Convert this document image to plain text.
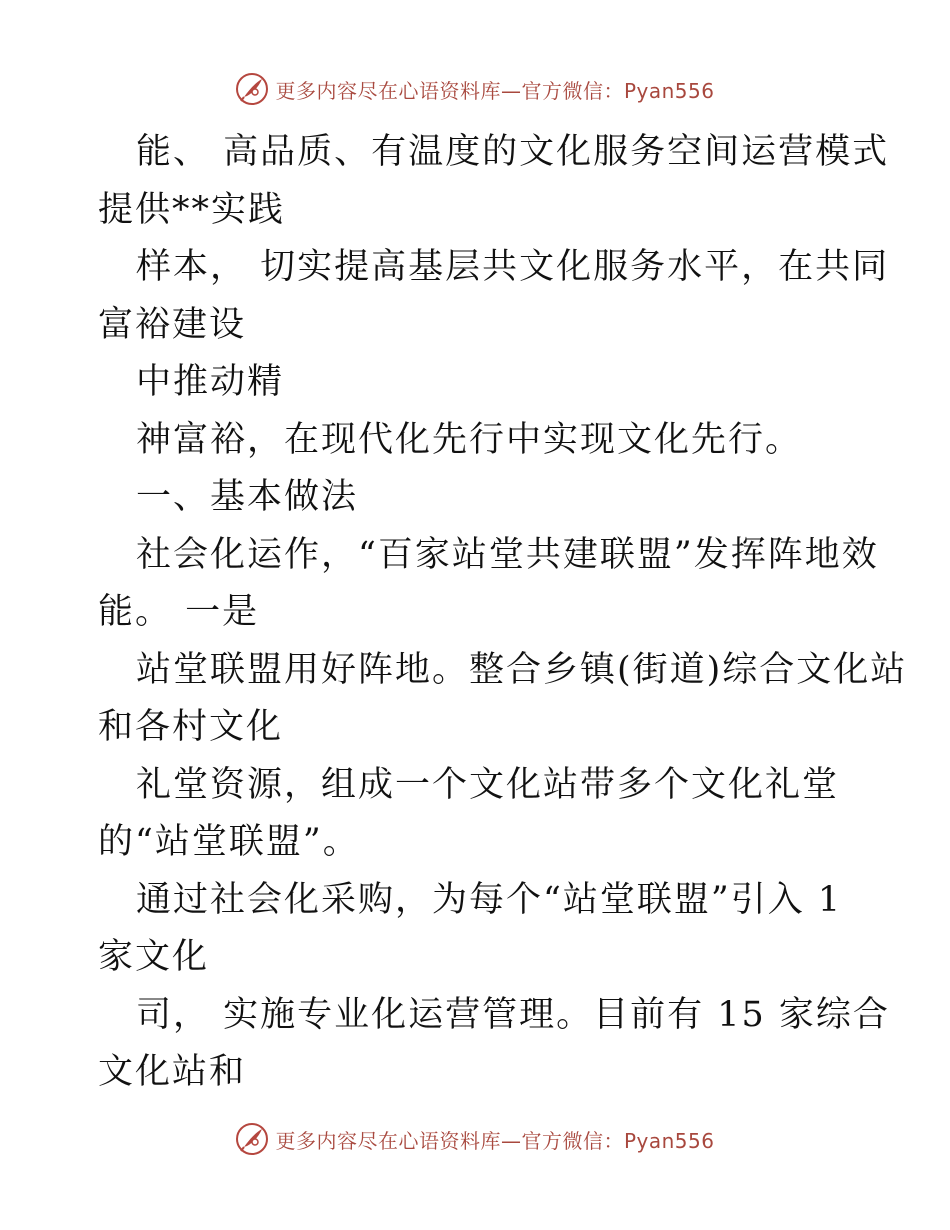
更多内容尽在心语资料库—官方微信：Pyan556
能、 高品质、有温度的文化服务空间运营模式
提供**实践
样本， 切实提高基层共文化服务水平，在共同
富裕建设
中推动精
神富裕，在现代化先行中实现文化先行。
一、基本做法
社会化运作，“百家站堂共建联盟”发挥阵地效
能。 一是
站堂联盟用好阵地。整合乡镇(街道)综合文化站
和各村文化
礼堂资源，组成一个文化站带多个文化礼堂
的“站堂联盟”。
通过社会化采购，为每个“站堂联盟”引入 1
家文化
司， 实施专业化运营管理。目前有 15 家综合
文化站和
更多内容尽在心语资料库—官方微信：Pyan556
